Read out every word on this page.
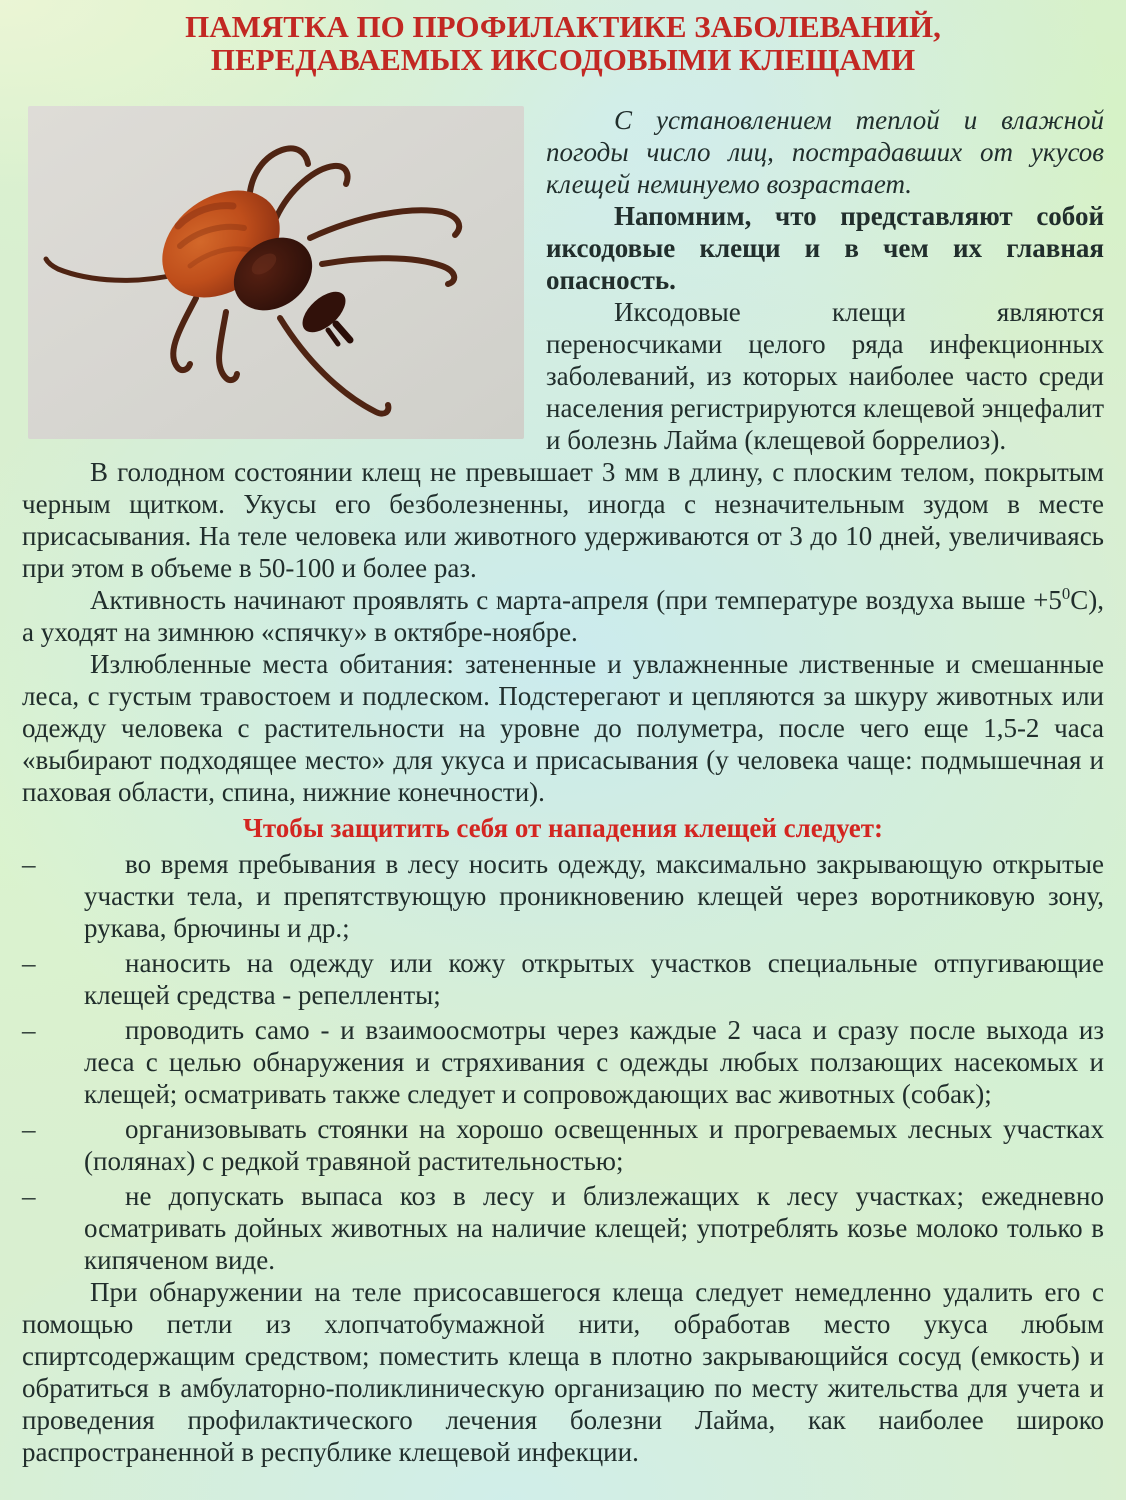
ПАМЯТКА ПО ПРОФИЛАКТИКЕ ЗАБОЛЕВАНИЙ,
ПЕРЕДАВАЕМЫХ ИКСОДОВЫМИ КЛЕЩАМИ

С установлением теплой и влажной погоды число лиц, пострадавших от укусов клещей неминуемо возрастает.

Напомним, что представляют собой иксодовые клещи и в чем их главная опасность.

Иксодовые клещи являются переносчиками целого ряда инфекционных заболеваний, из которых наиболее часто среди населения регистрируются клещевой энцефалит и болезнь Лайма (клещевой боррелиоз).

В голодном состоянии клещ не превышает 3 мм в длину, с плоским телом, покрытым черным щитком. Укусы его безболезненны, иногда с незначительным зудом в месте присасывания. На теле человека или животного удерживаются от 3 до 10 дней, увеличиваясь при этом в объеме в 50-100 и более раз.

Активность начинают проявлять с марта-апреля (при температуре воздуха выше $+5^0С$), а уходят на зимнюю «спячку» в октябре-ноябре.

Излюбленные места обитания: затененные и увлажненные лиственные и смешанные леса, с густым травостоем и подлеском. Подстерегают и цепляются за шкуру животных или одежду человека с растительности на уровне до полуметра, после чего еще 1,5-2 часа «выбирают подходящее место» для укуса и присасывания (у человека чаще: подмышечная и паховая области, спина, нижние конечности).

Чтобы защитить себя от нападения клещей следует:
–	во время пребывания в лесу носить одежду, максимально закрывающую открытые участки тела, и препятствующую проникновению клещей через воротниковую зону, рукава, брючины и др.;
–	наносить на одежду или кожу открытых участков специальные отпугивающие клещей средства - репелленты;
–	проводить само - и взаимоосмотры через каждые 2 часа и сразу после выхода из леса с целью обнаружения и стряхивания с одежды любых ползающих насекомых и клещей; осматривать также следует и сопровождающих вас животных (собак);
–	организовывать стоянки на хорошо освещенных и прогреваемых лесных участках (полянах) с редкой травяной растительностью;
–	не допускать выпаса коз в лесу и близлежащих к лесу участках; ежедневно осматривать дойных животных на наличие клещей; употреблять козье молоко только в кипяченом виде.

При обнаружении на теле присосавшегося клеща следует немедленно удалить его с помощью петли из хлопчатобумажной нити, обработав место укуса любым спиртсодержащим средством; поместить клеща в плотно закрывающийся сосуд (емкость) и обратиться в амбулаторно-поликлиническую организацию по месту жительства для учета и проведения профилактического лечения болезни Лайма, как наиболее широко распространенной в республике клещевой инфекции.
